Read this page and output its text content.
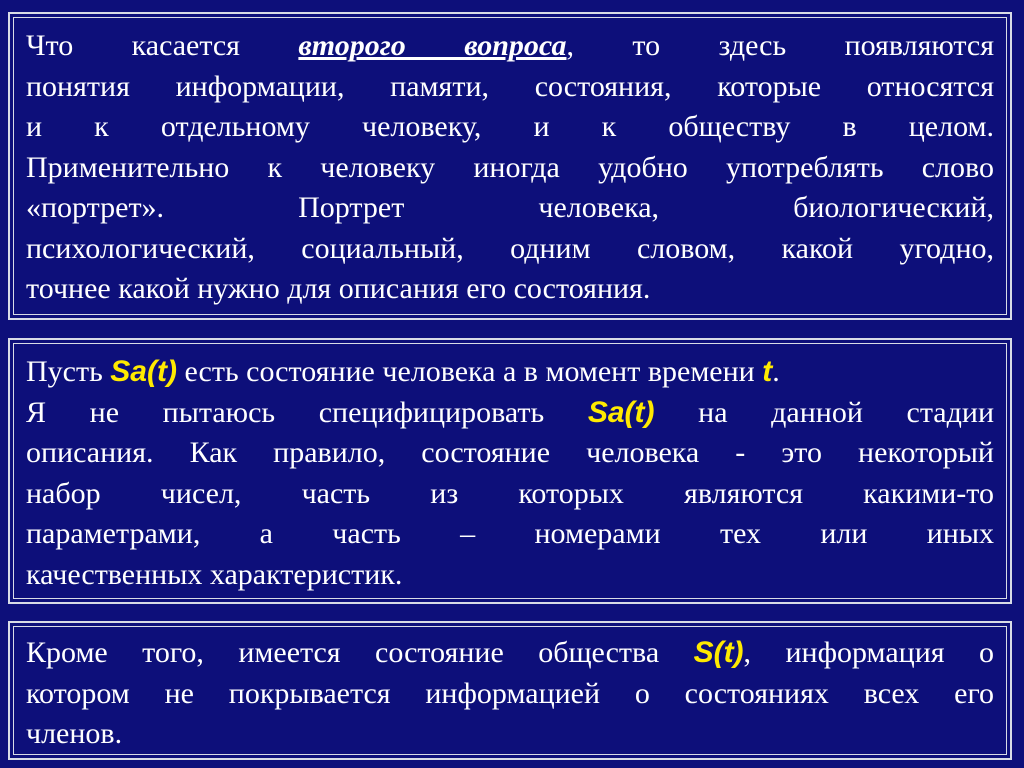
Что касается второго вопроса, то здесь появляются
понятия информации, памяти, состояния, которые относятся
и к отдельному человеку, и к обществу в целом.
Применительно к человеку иногда удобно употреблять слово
«портрет». Портрет человека, биологический,
психологический, социальный, одним словом, какой угодно,
точнее какой нужно для описания его состояния.

Пусть Sa(t) есть состояние человека а в момент времени t.
Я не пытаюсь специфицировать Sa(t) на данной стадии
описания. Как правило, состояние человека - это некоторый
набор чисел, часть из которых являются какими-то
параметрами, а часть – номерами тех или иных
качественных характеристик.

Кроме того, имеется состояние общества S(t), информация о
котором не покрывается информацией о состояниях всех его
членов.
